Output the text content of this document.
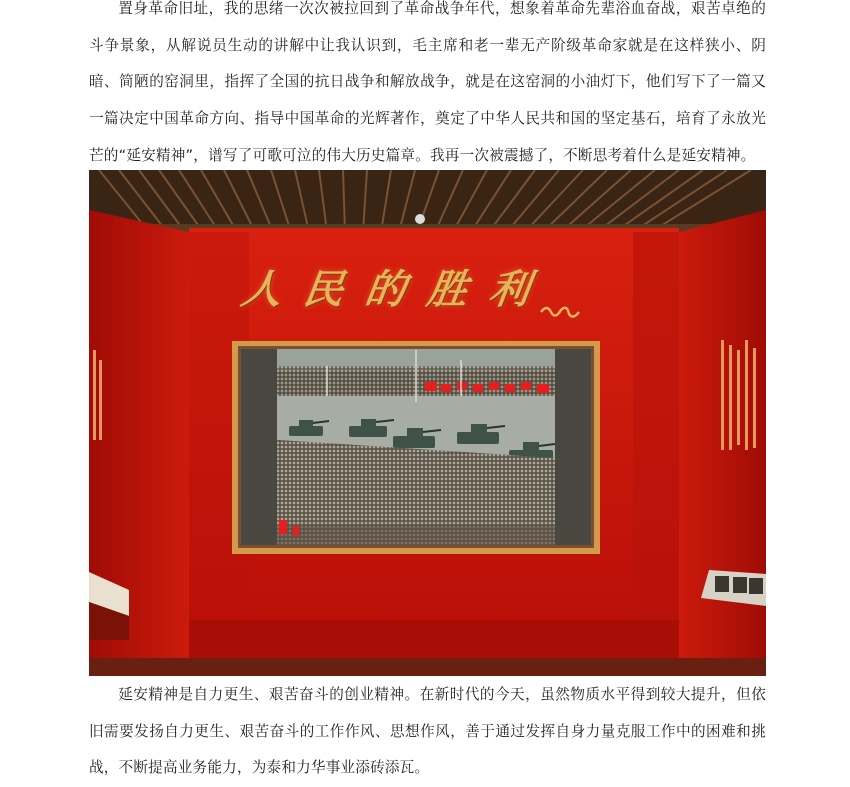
置身革命旧址，我的思绪一次次被拉回到了革命战争年代，想象着革命先辈浴血奋战，艰苦卓绝的斗争景象，从解说员生动的讲解中让我认识到，毛主席和老一辈无产阶级革命家就是在这样狭小、阴暗、简陋的窑洞里，指挥了全国的抗日战争和解放战争，就是在这窑洞的小油灯下，他们写下了一篇又一篇决定中国革命方向、指导中国革命的光辉著作，奠定了中华人民共和国的坚定基石，培育了永放光芒的“延安精神”，谱写了可歌可泣的伟大历史篇章。我再一次被震撼了，不断思考着什么是延安精神。

人民的胜利

延安精神是自力更生、艰苦奋斗的创业精神。在新时代的今天，虽然物质水平得到较大提升，但依旧需要发扬自力更生、艰苦奋斗的工作作风、思想作风，善于通过发挥自身力量克服工作中的困难和挑战，不断提高业务能力，为泰和力华事业添砖添瓦。
